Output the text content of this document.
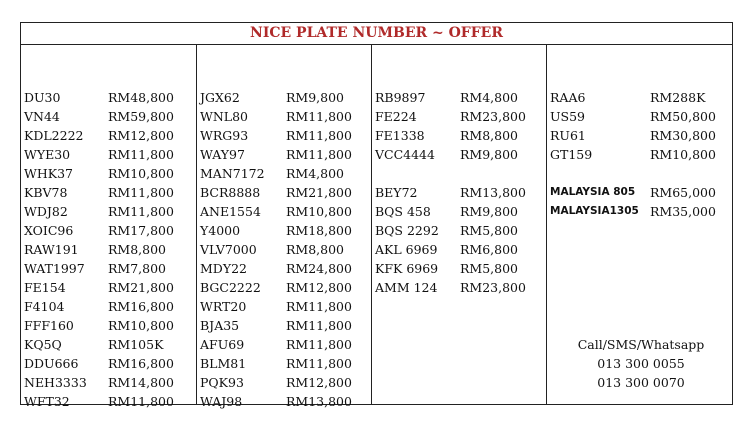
NICE PLATE NUMBER ~ OFFER
DU30	RM48,800
VN44	RM59,800
KDL2222 RM12,800
WYE30	RM11,800
WHK37	RM10,800
KBV78	RM11,800
WDJ82	RM11,800
XOIC96	RM17,800
RAW191 RM8,800
WAT1997 RM7,800
FE154	RM21,800
F4104	RM16,800
FFF160	RM10,800
KQ5Q	RM105K
DDU666 RM16,800
NEH3333 RM14,800
WFT32	RM11,800
JGX62	RM9,800
WNL80	RM11,800
WRG93	RM11,800
WAY97	RM11,800
MAN7172 RM4,800
BCR8888 RM21,800
ANE1554 RM10,800
Y4000	RM18,800
VLV7000 RM8,800
MDY22	RM24,800
BGC2222 RM12,800
WRT20	RM11,800
BJA35	RM11,800
AFU69	RM11,800
BLM81	RM11,800
PQK93	RM12,800
WAJ98	RM13,800
RB9897	RM4,800
FE224	RM23,800
FE1338	RM8,800
VCC4444 RM9,800
BEY72	RM13,800
BQS 458 RM9,800
BQS 2292 RM5,800
AKL 6969 RM6,800
KFK 6969 RM5,800
AMM 124 RM23,800
RAA6	RM288K
US59	RM50,800
RU61	RM30,800
GT159	RM10,800
MALAYSIA 805 RM65,000
MALAYSIA1305 RM35,000
Call/SMS/Whatsapp
013 300 0055
013 300 0070
